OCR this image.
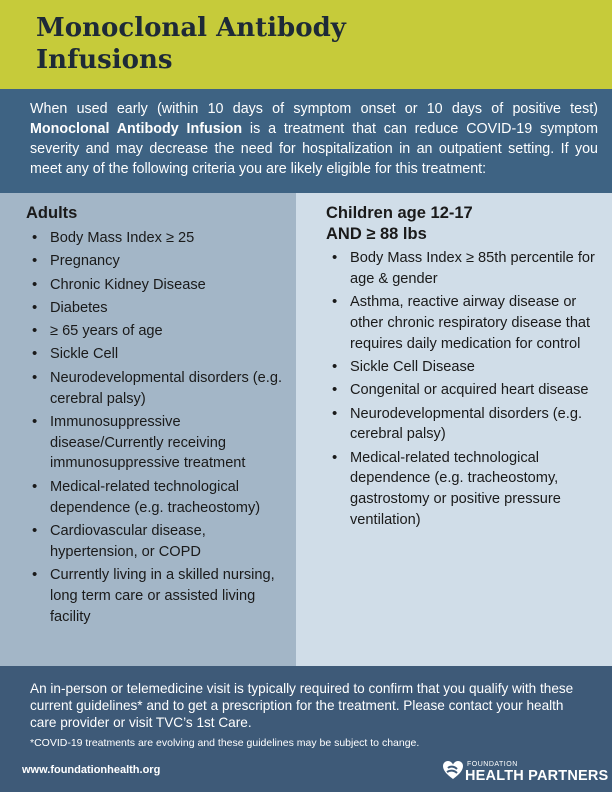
Monoclonal Antibody
Infusions

When used early (within 10 days of symptom onset or 10 days of positive test) Monoclonal Antibody Infusion is a treatment that can reduce COVID-19 symptom severity and may decrease the need for hospitalization in an outpatient setting. If you meet any of the following criteria you are likely eligible for this treatment:

Adults
• Body Mass Index ≥ 25
• Pregnancy
• Chronic Kidney Disease
• Diabetes
• ≥ 65 years of age
• Sickle Cell
• Neurodevelopmental disorders (e.g. cerebral palsy)
• Immunosuppressive disease/Currently receiving immunosuppressive treatment
• Medical-related technological dependence (e.g. tracheostomy)
• Cardiovascular disease, hypertension, or COPD
• Currently living in a skilled nursing, long term care or assisted living facility
Children age 12-17
AND ≥ 88 lbs
• Body Mass Index ≥ 85th percentile for age & gender
• Asthma, reactive airway disease or other chronic respiratory disease that requires daily medication for control
• Sickle Cell Disease
• Congenital or acquired heart disease
• Neurodevelopmental disorders (e.g. cerebral palsy)
• Medical-related technological dependence (e.g. tracheostomy, gastrostomy or positive pressure ventilation)

An in-person or telemedicine visit is typically required to confirm that you qualify with these current guidelines* and to get a prescription for the treatment. Please contact your health care provider or visit TVC’s 1st Care.

*COVID-19 treatments are evolving and these guidelines may be subject to change.

www.foundationhealth.org	FOUNDATION
HEALTH PARTNERS
